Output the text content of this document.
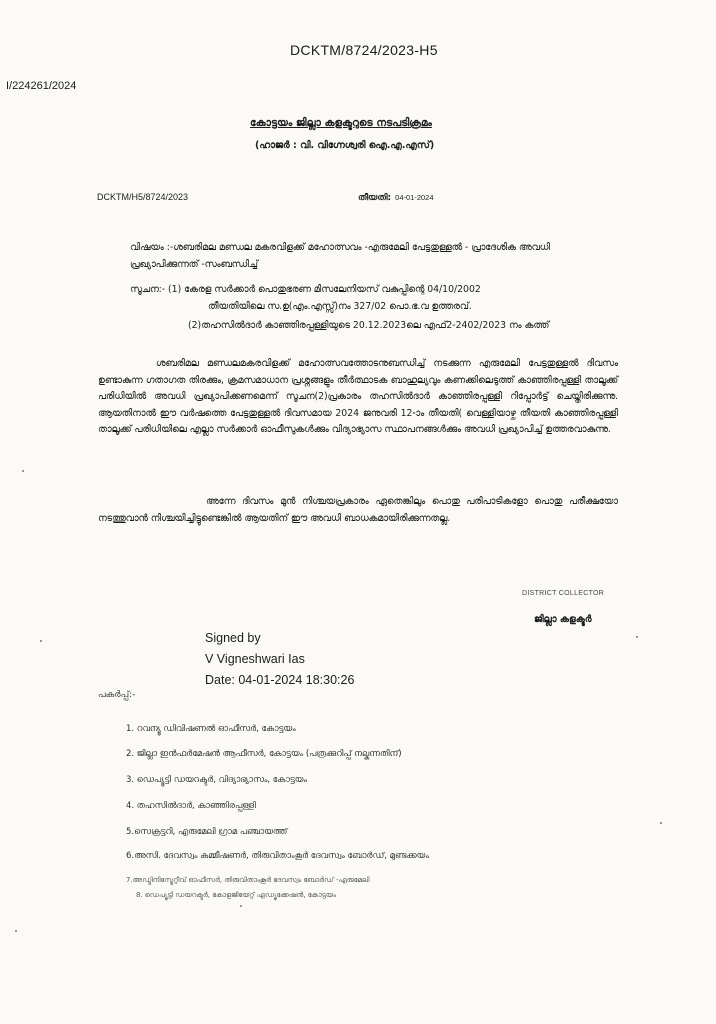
DCKTM/8724/2023-H5
I/224261/2024
കോട്ടയം ജില്ലാ കളക്ടറുടെ നടപടിക്രമം
(ഹാജർ : വി. വിഗ്നേശ്വരി ഐ.എ.എസ്)
DCKTM/H5/8724/2023	തീയതി: 04-01-2024
വിഷയം :-ശബരിമല മണ്ഡല മകരവിളക്ക് മഹോത്സവം -എരുമേലി പേട്ടതുള്ളൽ - പ്രാദേശിക അവധി പ്രഖ്യാപിക്കുന്നത് -സംബന്ധിച്ച്
സൂചന:- (1) കേരള സർക്കാർ പൊതുഭരണ മിസലേനിയസ് വകുപ്പിന്റെ 04/10/2002
തീയതിയിലെ സ.ഉ(എം.എസ്സ്)നം 327/02 പൊ.ഭ.വ ഉത്തരവ്.
(2)തഹസിൽദാർ കാഞ്ഞിരപ്പള്ളിയുടെ 20.12.2023ലെ എഫ്2-2402/2023 നം കത്ത്
ശബരിമല മണ്ഡലമകരവിളക്ക് മഹോത്സവത്തോടനുബന്ധിച്ച് നടക്കുന്ന എരുമേലി പേട്ടതുള്ളൽ ദിവസം ഉണ്ടാകുന്ന ഗതാഗത തിരക്കും, ക്രമസമാധാന പ്രശ്നങ്ങളും തീർത്ഥാടക ബാഹുല്യവും കണക്കിലെടുത്ത് കാഞ്ഞിരപ്പള്ളി താലൂക്ക് പരിധിയിൽ അവധി പ്രഖ്യാപിക്കണമെന്ന് സൂചന(2)പ്രകാരം തഹസിൽദാർ കാഞ്ഞിരപ്പള്ളി റിപ്പോർട്ട് ചെയ്തിരിക്കുന്നു. ആയതിനാൽ ഈ വർഷത്തെ പേട്ടതുള്ളൽ ദിവസമായ 2024 ജനുവരി 12-ാം തീയതി( വെള്ളിയാഴ്ച തീയതി കാഞ്ഞിരപ്പള്ളി താലൂക്ക് പരിധിയിലെ എല്ലാ സർക്കാർ ഓഫീസുകൾക്കും വിദ്യാഭ്യാസ സ്ഥാപനങ്ങൾക്കും അവധി പ്രഖ്യാപിച്ച് ഉത്തരവാകുന്നു.
അന്നേ ദിവസം മുൻ നിശ്ചയപ്രകാരം ഏതെങ്കിലും പൊതു പരിപാടികളോ പൊതു പരീക്ഷയോ നടത്തുവാൻ നിശ്ചയിച്ചിട്ടുണ്ടെങ്കിൽ ആയതിന് ഈ അവധി ബാധകമായിരിക്കുന്നതല്ല.
DISTRICT COLLECTOR
ജില്ലാ കളക്ടർ
Signed by
V Vigneshwari Ias
Date: 04-01-2024 18:30:26
പകർപ്പ്:-
1. റവന്യൂ ഡിവിഷണൽ ഓഫീസർ, കോട്ടയം
2. ജില്ലാ ഇൻഫർമേഷൻ ആഫീസർ, കോട്ടയം (പത്രക്കുറിപ്പ് നല്കുന്നതിന്)
3. ഡെപ്യൂട്ടി ഡയറക്ടർ, വിദ്യാഭ്യാസം, കോട്ടയം
4. തഹസിൽദാർ, കാഞ്ഞിരപ്പള്ളി
5.സെക്രട്ടറി, എരുമേലി ഗ്രാമ പഞ്ചായത്ത്
6.അസി. ദേവസ്വം കമ്മീഷണർ, തിരുവിതാംകൂർ ദേവസ്വം ബോർഡ്, മുണ്ടക്കയം
7.അഡ്മിനിസ്ട്രേറ്റീവ് ഓഫീസർ, തിരുവിതാംകൂർ ദേവസ്വം ബോർഡ് -എരുമേലി
8. ഡെപ്യൂട്ടി ഡയറക്ടർ, കോളജിയേറ്റ് എഡ്യൂക്കേഷൻ, കോട്ടയം
